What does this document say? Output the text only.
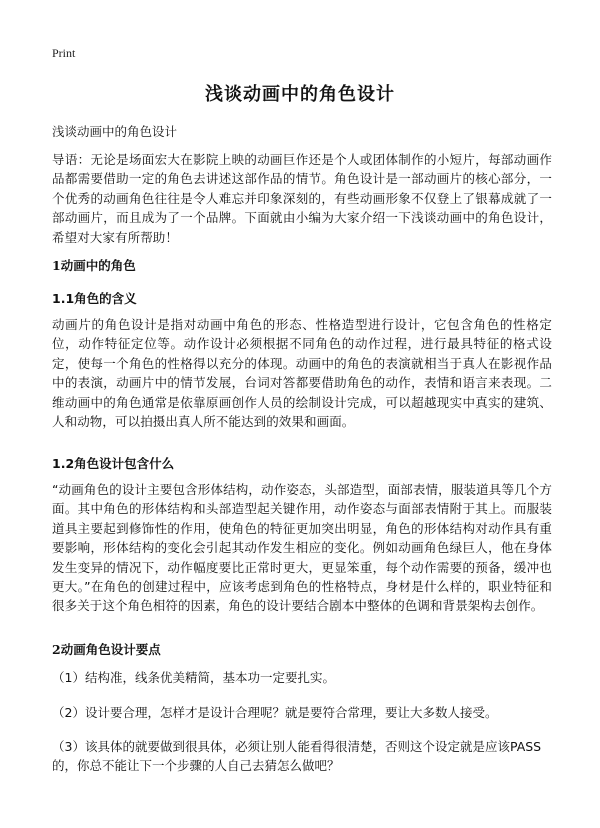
Print
浅谈动画中的角色设计

浅谈动画中的角色设计

导语：无论是场面宏大在影院上映的动画巨作还是个人或团体制作的小短片，每部动画作品都需要借助一定的角色去讲述这部作品的情节。角色设计是一部动画片的核心部分，一个优秀的动画角色往往是令人难忘并印象深刻的，有些动画形象不仅登上了银幕成就了一部动画片，而且成为了一个品牌。下面就由小编为大家介绍一下浅谈动画中的角色设计，希望对大家有所帮助！

1动画中的角色
1.1角色的含义

动画片的角色设计是指对动画中角色的形态、性格造型进行设计，它包含角色的性格定位，动作特征定位等。动作设计必须根据不同角色的动作过程，进行最具特征的格式设定，使每一个角色的性格得以充分的体现。动画中的角色的表演就相当于真人在影视作品中的表演，动画片中的情节发展，台词对答都要借助角色的动作，表情和语言来表现。二维动画中的角色通常是依靠原画创作人员的绘制设计完成，可以超越现实中真实的建筑、人和动物，可以拍摄出真人所不能达到的效果和画面。

1.2角色设计包含什么

“动画角色的设计主要包含形体结构，动作姿态，头部造型，面部表情，服装道具等几个方面。其中角色的形体结构和头部造型起关键作用，动作姿态与面部表情附于其上。而服装道具主要起到修饰性的作用，使角色的特征更加突出明显，角色的形体结构对动作具有重要影响，形体结构的变化会引起其动作发生相应的变化。例如动画角色绿巨人，他在身体发生变异的情况下，动作幅度要比正常时更大，更显笨重，每个动作需要的预备，缓冲也更大。”在角色的创建过程中，应该考虑到角色的性格特点，身材是什么样的，职业特征和很多关于这个角色相符的因素，角色的设计要结合剧本中整体的色调和背景架构去创作。

2动画角色设计要点

（1）结构准，线条优美精简，基本功一定要扎实。

（2）设计要合理，怎样才是设计合理呢？就是要符合常理，要让大多数人接受。

（3）该具体的就要做到很具体，必须让别人能看得很清楚，否则这个设定就是应该PASS的，你总不能让下一个步骤的人自己去猜怎么做吧？
